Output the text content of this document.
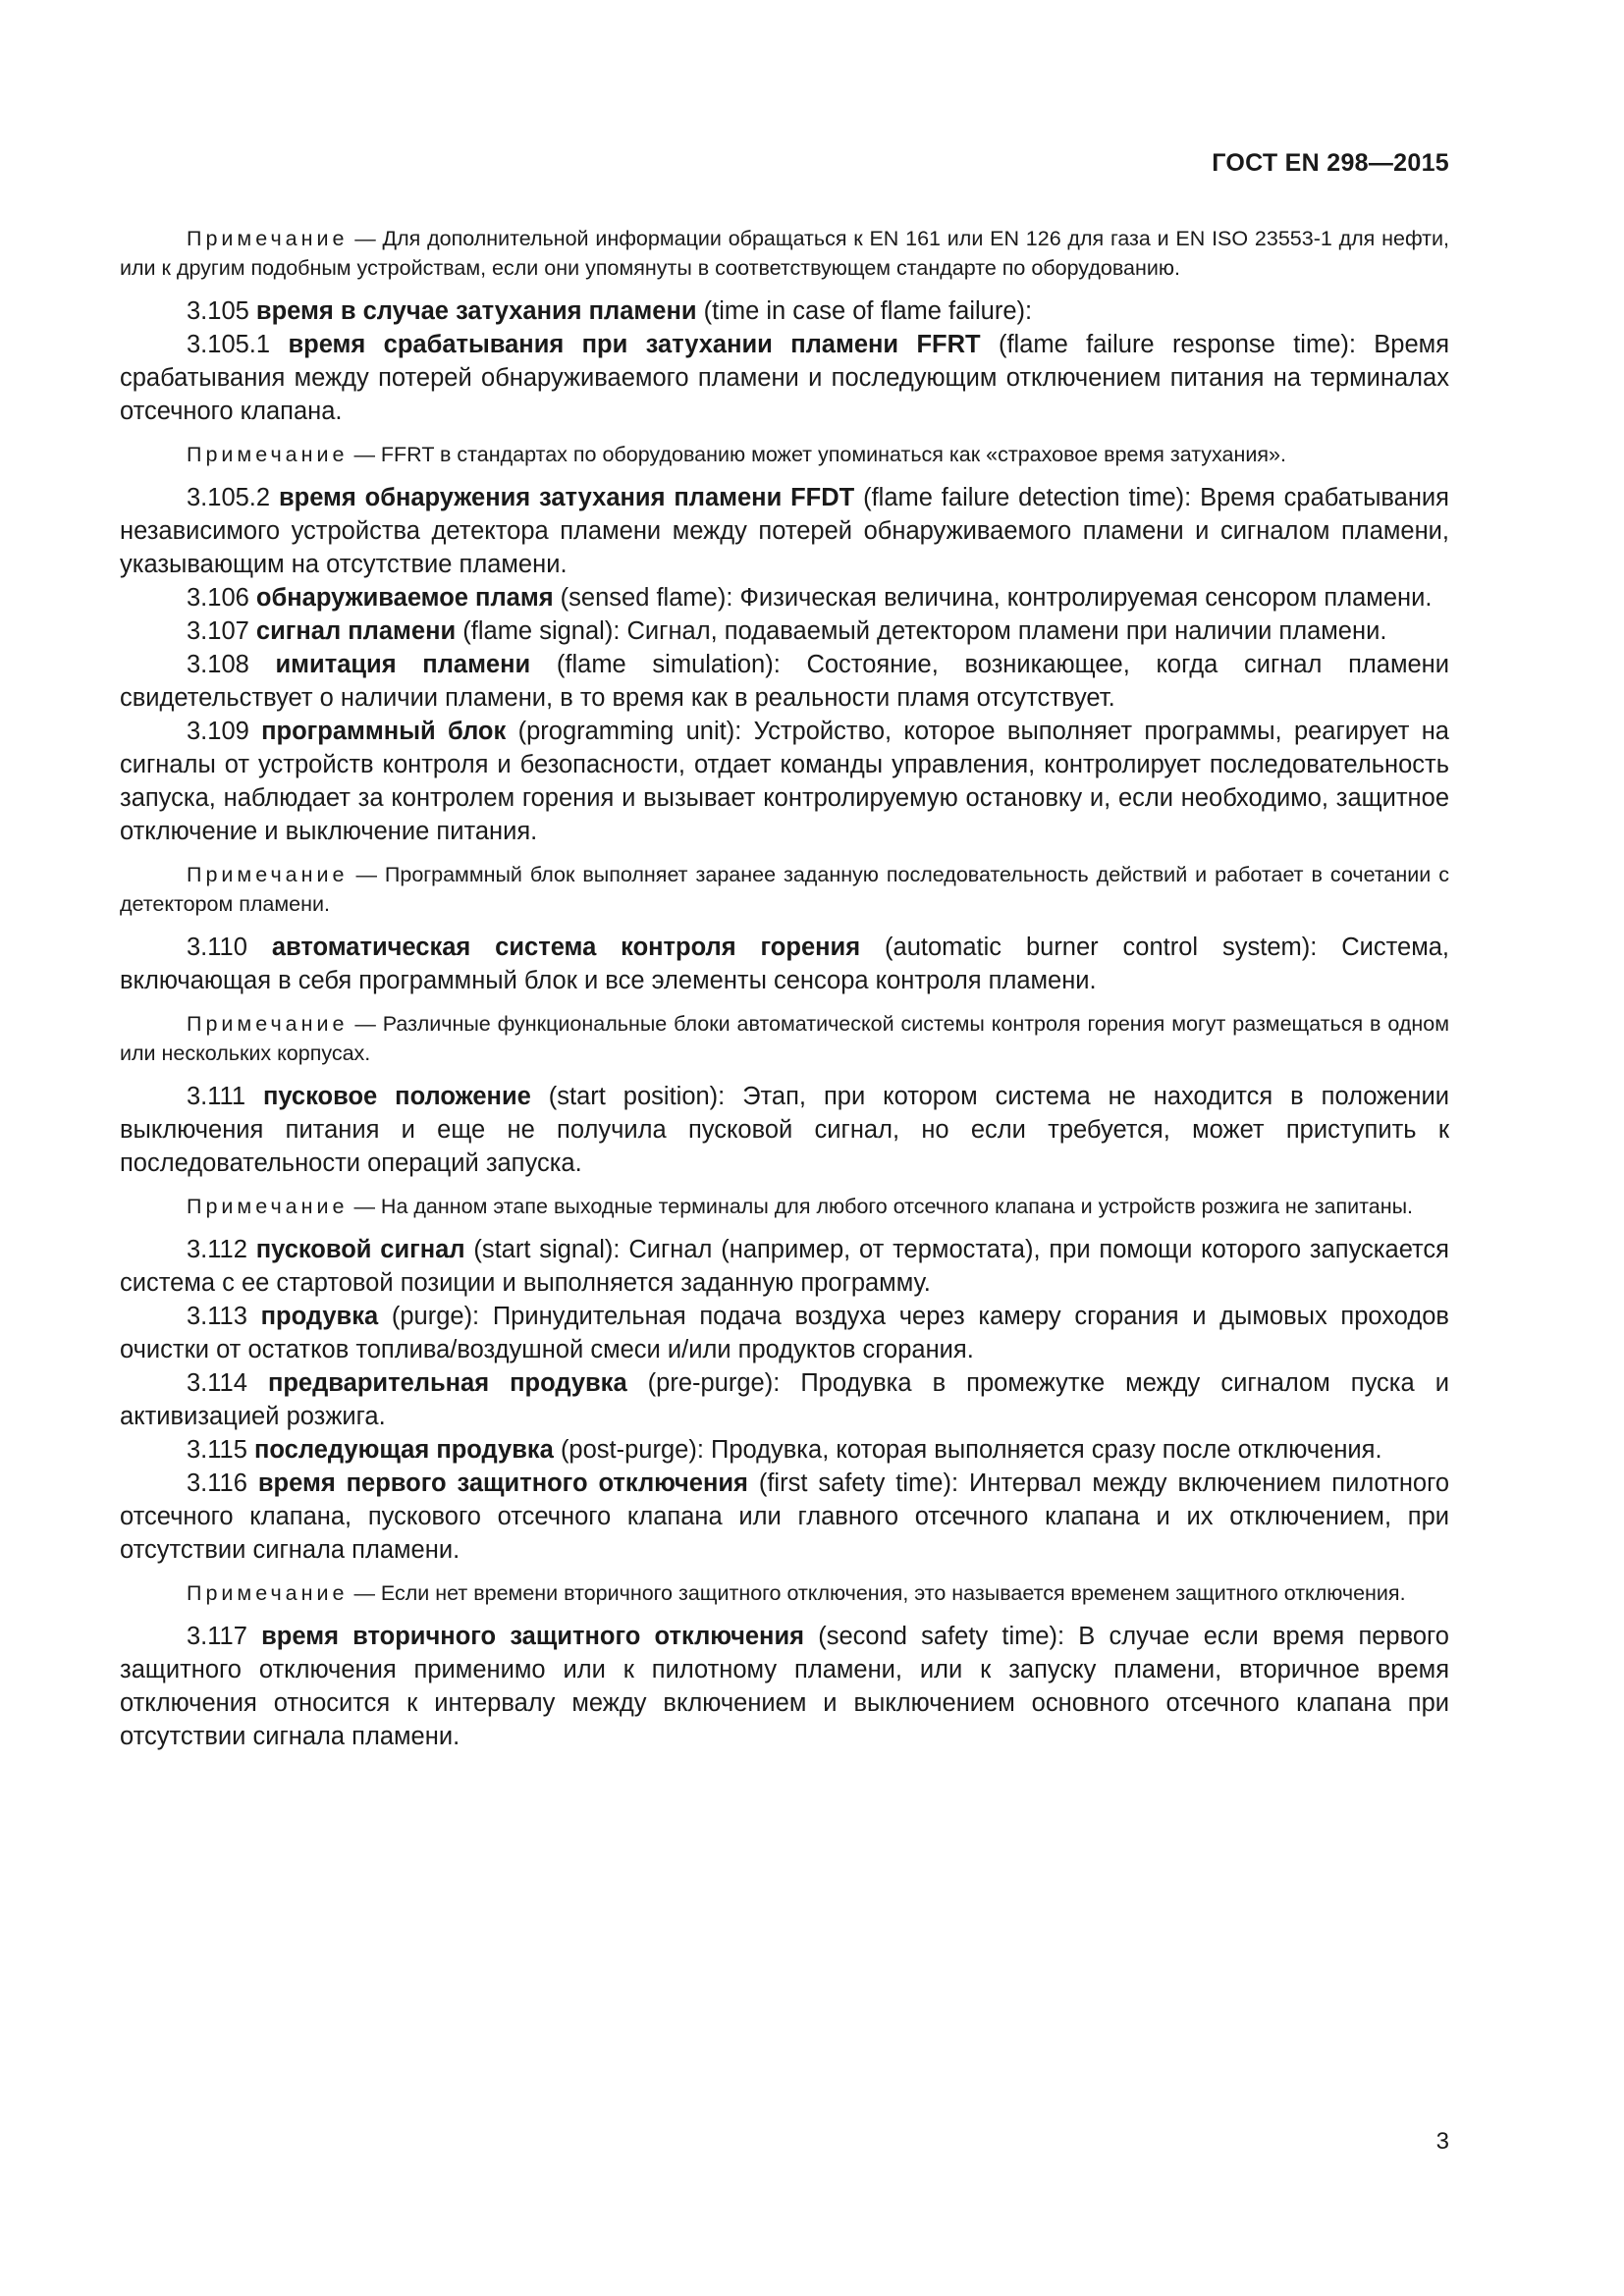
ГОСТ EN 298—2015

Примечание — Для дополнительной информации обращаться к EN 161 или EN 126 для газа и EN ISO 23553-1 для нефти, или к другим подобным устройствам, если они упомянуты в соответствующем стандарте по оборудованию.

3.105 время в случае затухания пламени (time in case of flame failure):

3.105.1 время срабатывания при затухании пламени FFRT (flame failure response time): Время срабатывания между потерей обнаруживаемого пламени и последующим отключением питания на терминалах отсечного клапана.

Примечание — FFRT в стандартах по оборудованию может упоминаться как «страховое время затухания».

3.105.2 время обнаружения затухания пламени FFDT (flame failure detection time): Время срабатывания независимого устройства детектора пламени между потерей обнаруживаемого пламени и сигналом пламени, указывающим на отсутствие пламени.

3.106 обнаруживаемое пламя (sensed flame): Физическая величина, контролируемая сенсором пламени.

3.107 сигнал пламени (flame signal): Сигнал, подаваемый детектором пламени при наличии пламени.

3.108 имитация пламени (flame simulation): Состояние, возникающее, когда сигнал пламени свидетельствует о наличии пламени, в то время как в реальности пламя отсутствует.

3.109 программный блок (programming unit): Устройство, которое выполняет программы, реагирует на сигналы от устройств контроля и безопасности, отдает команды управления, контролирует последовательность запуска, наблюдает за контролем горения и вызывает контролируемую остановку и, если необходимо, защитное отключение и выключение питания.

Примечание — Программный блок выполняет заранее заданную последовательность действий и работает в сочетании с детектором пламени.

3.110 автоматическая система контроля горения (automatic burner control system): Система, включающая в себя программный блок и все элементы сенсора контроля пламени.

Примечание — Различные функциональные блоки автоматической системы контроля горения могут размещаться в одном или нескольких корпусах.

3.111 пусковое положение (start position): Этап, при котором система не находится в положении выключения питания и еще не получила пусковой сигнал, но если требуется, может приступить к последовательности операций запуска.

Примечание — На данном этапе выходные терминалы для любого отсечного клапана и устройств розжига не запитаны.

3.112 пусковой сигнал (start signal): Сигнал (например, от термостата), при помощи которого запускается система с ее стартовой позиции и выполняется заданную программу.

3.113 продувка (purge): Принудительная подача воздуха через камеру сгорания и дымовых проходов очистки от остатков топлива/воздушной смеси и/или продуктов сгорания.

3.114 предварительная продувка (pre-purge): Продувка в промежутке между сигналом пуска и активизацией розжига.

3.115 последующая продувка (post-purge): Продувка, которая выполняется сразу после отключения.

3.116 время первого защитного отключения (first safety time): Интервал между включением пилотного отсечного клапана, пускового отсечного клапана или главного отсечного клапана и их отключением, при отсутствии сигнала пламени.

Примечание — Если нет времени вторичного защитного отключения, это называется временем защитного отключения.

3.117 время вторичного защитного отключения (second safety time): В случае если время первого защитного отключения применимо или к пилотному пламени, или к запуску пламени, вторичное время отключения относится к интервалу между включением и выключением основного отсечного клапана при отсутствии сигнала пламени.

3
